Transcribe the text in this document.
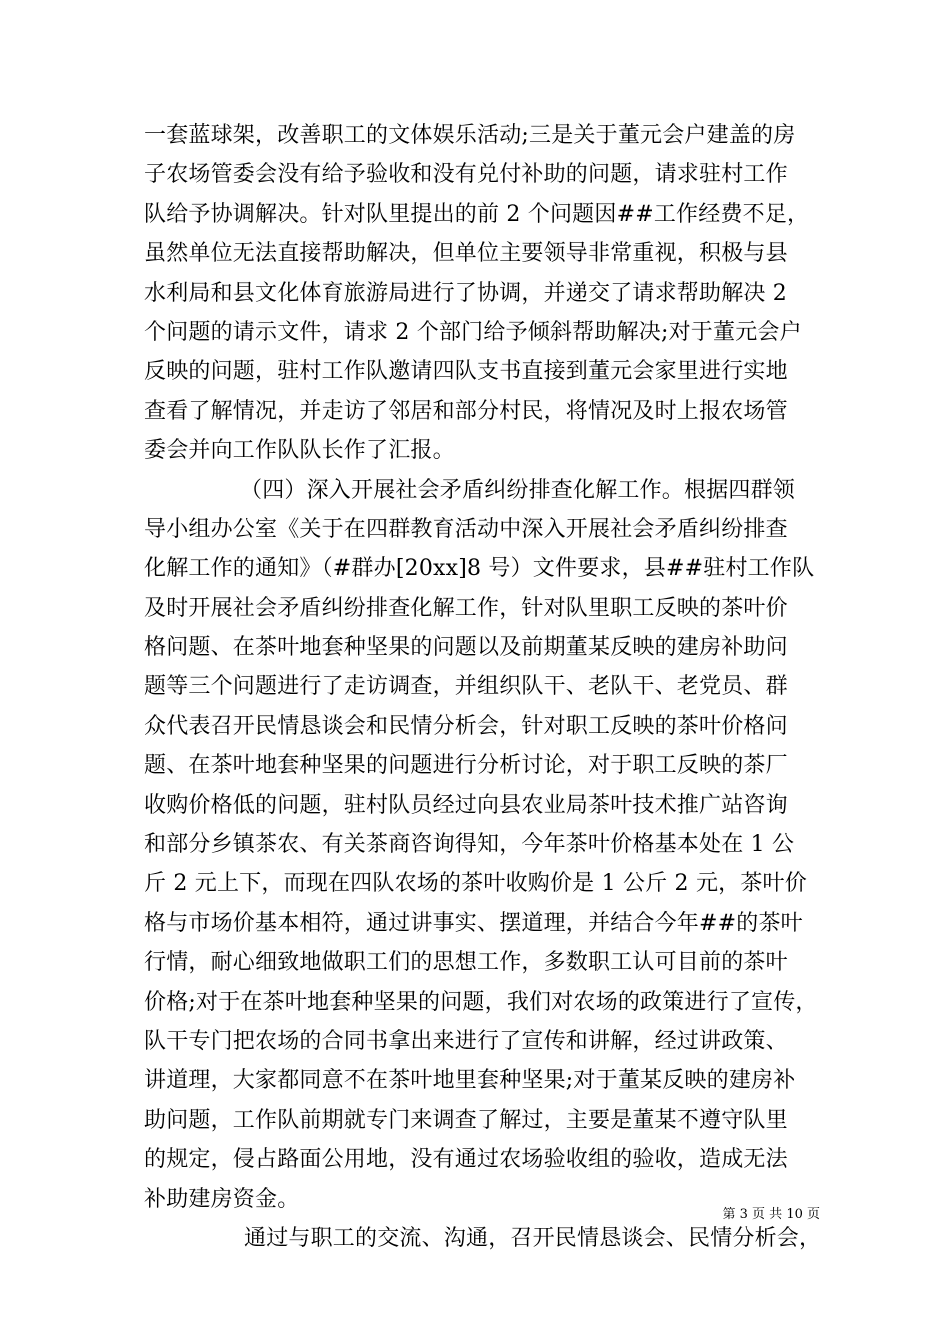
一套蓝球架，改善职工的文体娱乐活动;三是关于董元会户建盖的房
子农场管委会没有给予验收和没有兑付补助的问题，请求驻村工作
队给予协调解决。针对队里提出的前 2 个问题因##工作经费不足，
虽然单位无法直接帮助解决，但单位主要领导非常重视，积极与县
水利局和县文化体育旅游局进行了协调，并递交了请求帮助解决 2
个问题的请示文件，请求 2 个部门给予倾斜帮助解决;对于董元会户
反映的问题，驻村工作队邀请四队支书直接到董元会家里进行实地
查看了解情况，并走访了邻居和部分村民，将情况及时上报农场管
委会并向工作队队长作了汇报。
（四）深入开展社会矛盾纠纷排查化解工作。根据四群领
导小组办公室《关于在四群教育活动中深入开展社会矛盾纠纷排查
化解工作的通知》（#群办[20xx]8 号）文件要求，县##驻村工作队
及时开展社会矛盾纠纷排查化解工作，针对队里职工反映的茶叶价
格问题、在茶叶地套种坚果的问题以及前期董某反映的建房补助问
题等三个问题进行了走访调查，并组织队干、老队干、老党员、群
众代表召开民情恳谈会和民情分析会，针对职工反映的茶叶价格问
题、在茶叶地套种坚果的问题进行分析讨论，对于职工反映的茶厂
收购价格低的问题，驻村队员经过向县农业局茶叶技术推广站咨询
和部分乡镇茶农、有关茶商咨询得知，今年茶叶价格基本处在 1 公
斤 2 元上下，而现在四队农场的茶叶收购价是 1 公斤 2 元，茶叶价
格与市场价基本相符，通过讲事实、摆道理，并结合今年##的茶叶
行情，耐心细致地做职工们的思想工作，多数职工认可目前的茶叶
价格;对于在茶叶地套种坚果的问题，我们对农场的政策进行了宣传，
队干专门把农场的合同书拿出来进行了宣传和讲解，经过讲政策、
讲道理，大家都同意不在茶叶地里套种坚果;对于董某反映的建房补
助问题，工作队前期就专门来调查了解过，主要是董某不遵守队里
的规定，侵占路面公用地，没有通过农场验收组的验收，造成无法
补助建房资金。
通过与职工的交流、沟通，召开民情恳谈会、民情分析会，
第 3 页 共 10 页
